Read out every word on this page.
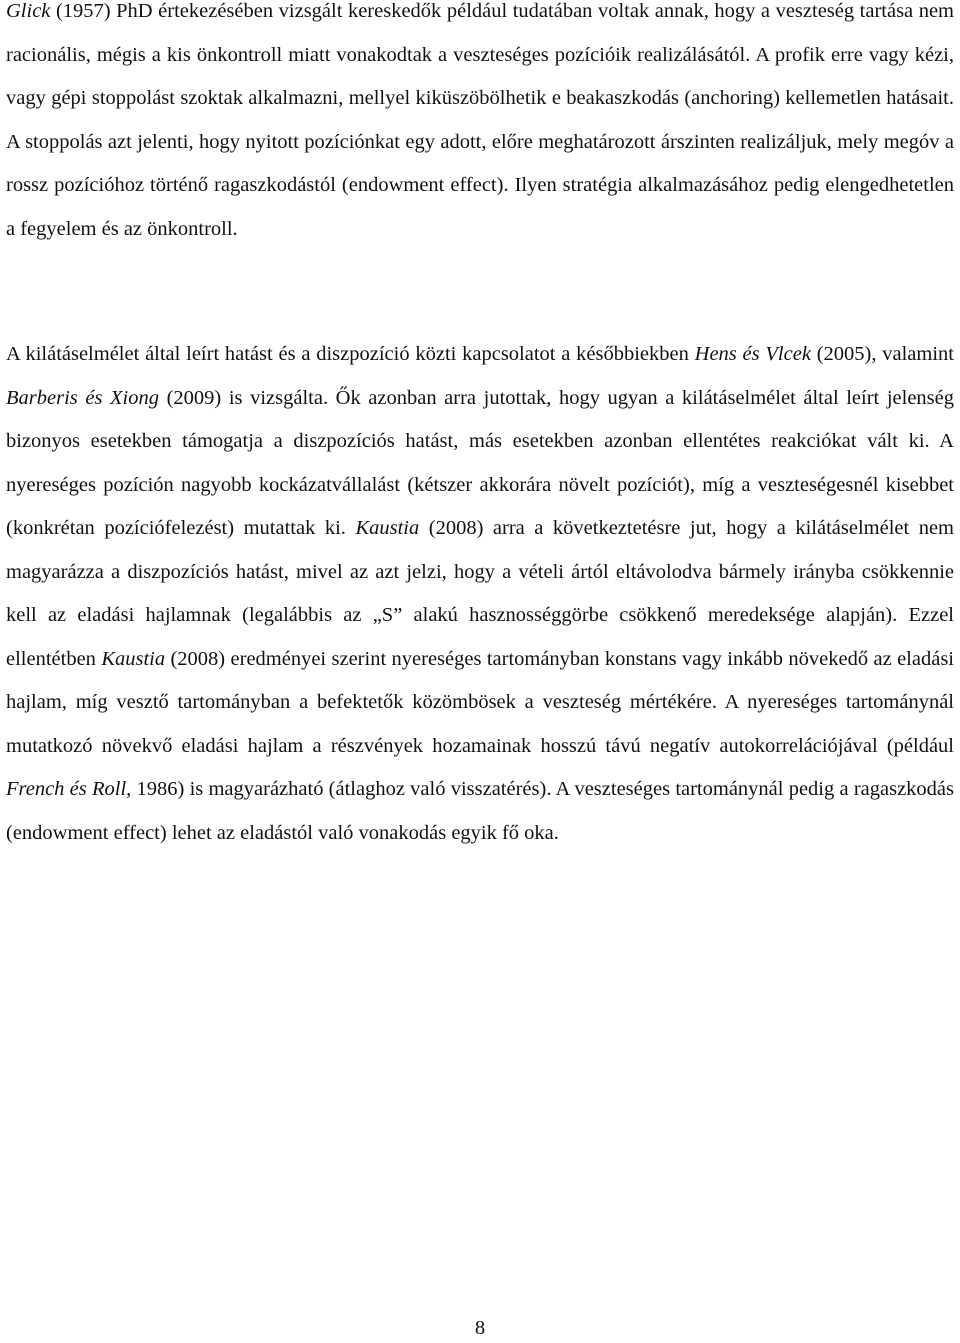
Glick (1957) PhD értekezésében vizsgált kereskedők például tudatában voltak annak, hogy a veszteség tartása nem racionális, mégis a kis önkontroll miatt vonakodtak a veszteséges pozícióik realizálásától. A profik erre vagy kézi, vagy gépi stoppolást szoktak alkalmazni, mellyel kiküszöbölhetik e beakaszkodás (anchoring) kellemetlen hatásait. A stoppolás azt jelenti, hogy nyitott pozíciónkat egy adott, előre meghatározott árszinten realizáljuk, mely megóv a rossz pozícióhoz történő ragaszkodástól (endowment effect). Ilyen stratégia alkalmazásához pedig elengedhetetlen a fegyelem és az önkontroll.

A kilátáselmélet által leírt hatást és a diszpozíció közti kapcsolatot a későbbiekben Hens és Vlcek (2005), valamint Barberis és Xiong (2009) is vizsgálta. Ők azonban arra jutottak, hogy ugyan a kilátáselmélet által leírt jelenség bizonyos esetekben támogatja a diszpozíciós hatást, más esetekben azonban ellentétes reakciókat vált ki. A nyereséges pozíción nagyobb kockázatvállalást (kétszer akkorára növelt pozíciót), míg a veszteségesnél kisebbet (konkrétan pozíciófelezést) mutattak ki. Kaustia (2008) arra a következtetésre jut, hogy a kilátáselmélet nem magyarázza a diszpozíciós hatást, mivel az azt jelzi, hogy a vételi ártól eltávolodva bármely irányba csökkennie kell az eladási hajlamnak (legalábbis az „S” alakú hasznosséggörbe csökkenő meredeksége alapján). Ezzel ellentétben Kaustia (2008) eredményei szerint nyereséges tartományban konstans vagy inkább növekedő az eladási hajlam, míg vesztő tartományban a befektetők közömbösek a veszteség mértékére. A nyereséges tartománynál mutatkozó növekvő eladási hajlam a részvények hozamainak hosszú távú negatív autokorrelációjával (például French és Roll, 1986) is magyarázható (átlaghoz való visszatérés). A veszteséges tartománynál pedig a ragaszkodás (endowment effect) lehet az eladástól való vonakodás egyik fő oka.

8
